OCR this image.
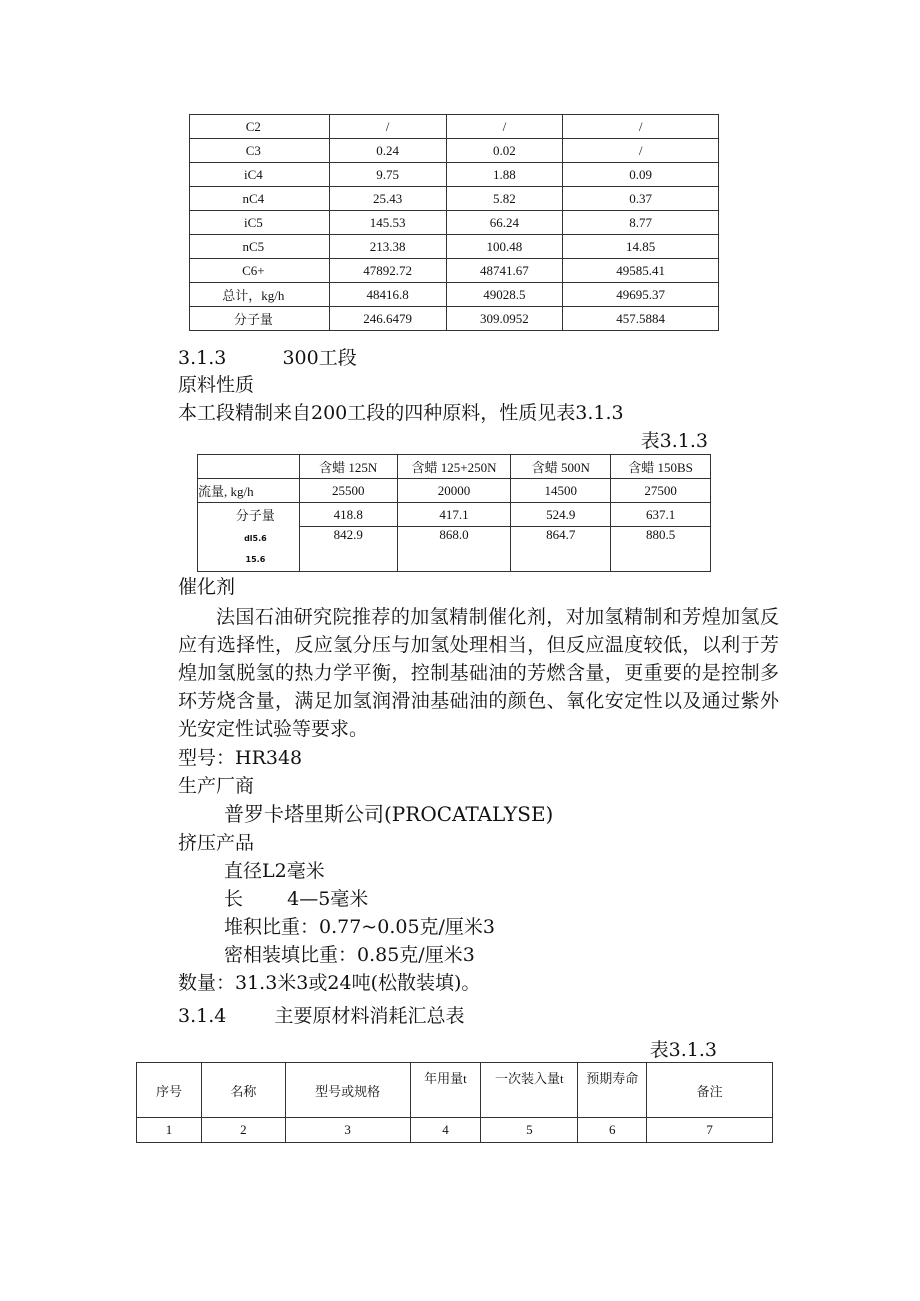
C2	/	/	/
C3	0.24	0.02	/
iC4	9.75	1.88	0.09
nC4	25.43	5.82	0.37
iC5	145.53	66.24	8.77
nC5	213.38	100.48	14.85
C6+	47892.72	48741.67	49585.41
总计，kg/h	48416.8	49028.5	49695.37
分子量	246.6479	309.0952	457.5884
3.1.3	300工段
原料性质
本工段精制来自200工段的四种原料，性质见表3.1.3
表3.1.3
	含蜡 125N	含蜡 125+250N	含蜡 500N	含蜡 150BS
流量, kg/h	25500	20000	14500	27500
分子量	418.8	417.1	524.9	637.1

dl5.6
15.6	842.9	868.0	864.7	880.5
催化剂
法国石油研究院推荐的加氢精制催化剂，对加氢精制和芳煌加氢反应有选择性，反应氢分压与加氢处理相当，但反应温度较低，以利于芳煌加氢脱氢的热力学平衡，控制基础油的芳燃含量，更重要的是控制多环芳烧含量，满足加氢润滑油基础油的颜色、氧化安定性以及通过紫外光安定性试验等要求。
型号：HR348
生产厂商
普罗卡塔里斯公司(PROCATALYSE)
挤压产品
直径L2毫米
长 4—5毫米
堆积比重：0.77~0.05克/厘米3
密相装填比重：0.85克/厘米3
数量：31.3米3或24吨(松散装填)。
3.1.4	主要原材料消耗汇总表
表3.1.3
序号	名称	型号或规格	年用量t	一次装入量t	预期寿命	备注
1	2	3	4	5	6	7
